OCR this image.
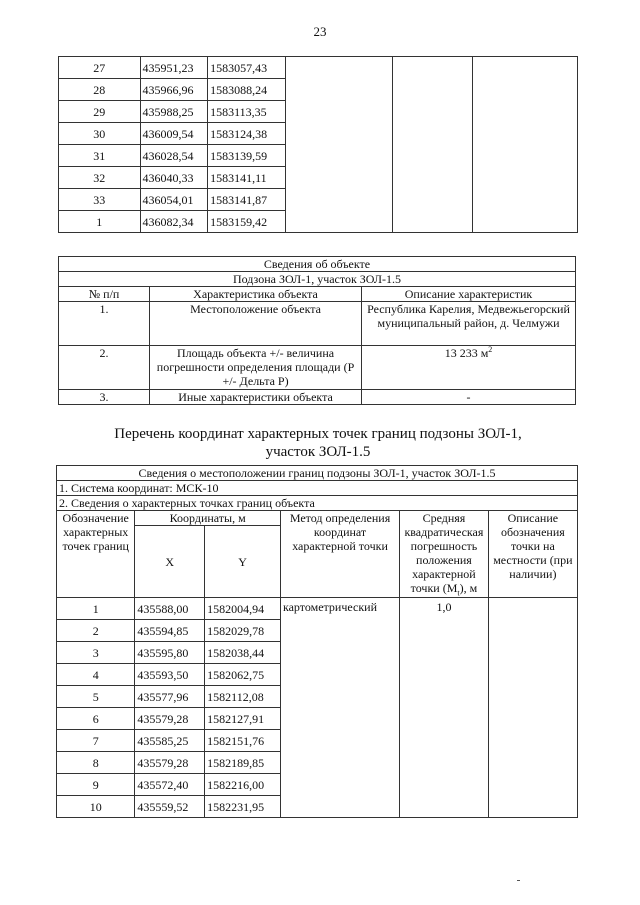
23
27	435951,23	1583057,43			
28	435966,96	1583088,24			
29	435988,25	1583113,35			
30	436009,54	1583124,38			
31	436028,54	1583139,59			
32	436040,33	1583141,11			
33	436054,01	1583141,87			
1	436082,34	1583159,42			
Сведения об объекте		
Подзона ЗОЛ-1, участок ЗОЛ-1.5		
№ п/п	Характеристика объекта	Описание характеристик
1.	Местоположение объекта	Республика Карелия, Медвежьегорский муниципальный район, д. Челмужи
2.	Площадь объекта +/- величина погрешности определения площади (P +/- Дельта P)	13 233 $м^2$
3.	Иные характеристики объекта	-
Перечень координат характерных точек границ подзоны ЗОЛ-1,
участок ЗОЛ-1.5
Сведения о местоположении границ подзоны ЗОЛ-1, участок ЗОЛ-1.5					
1. Система координат: МСК-10					
2. Сведения о характерных точках границ объекта					
Обозначение характерных точек границ	Координаты, м		Метод определения координат характерной точки	Средняя квадратическая погрешность положения характерной точки $(M_t)$, м	Описание обозначения точки на местности (при наличии)
	X	Y			
1	435588,00	1582004,94	картометрический	1,0	
2	435594,85	1582029,78			
3	435595,80	1582038,44			
4	435593,50	1582062,75			
5	435577,96	1582112,08			
6	435579,28	1582127,91			
7	435585,25	1582151,76			
8	435579,28	1582189,85			
9	435572,40	1582216,00			
10	435559,52	1582231,95			
